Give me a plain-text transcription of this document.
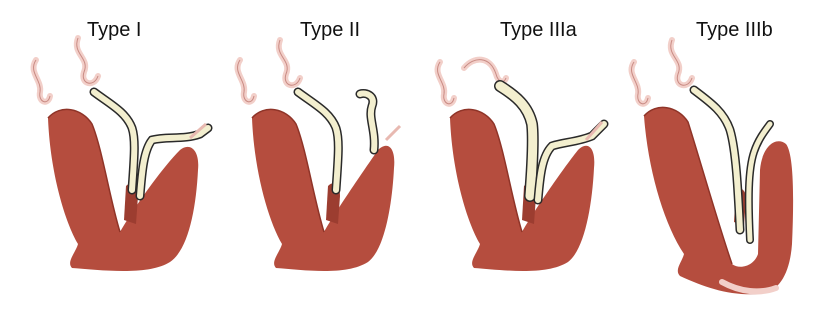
Type I	Type II	Type IIIa	Type IIIb
